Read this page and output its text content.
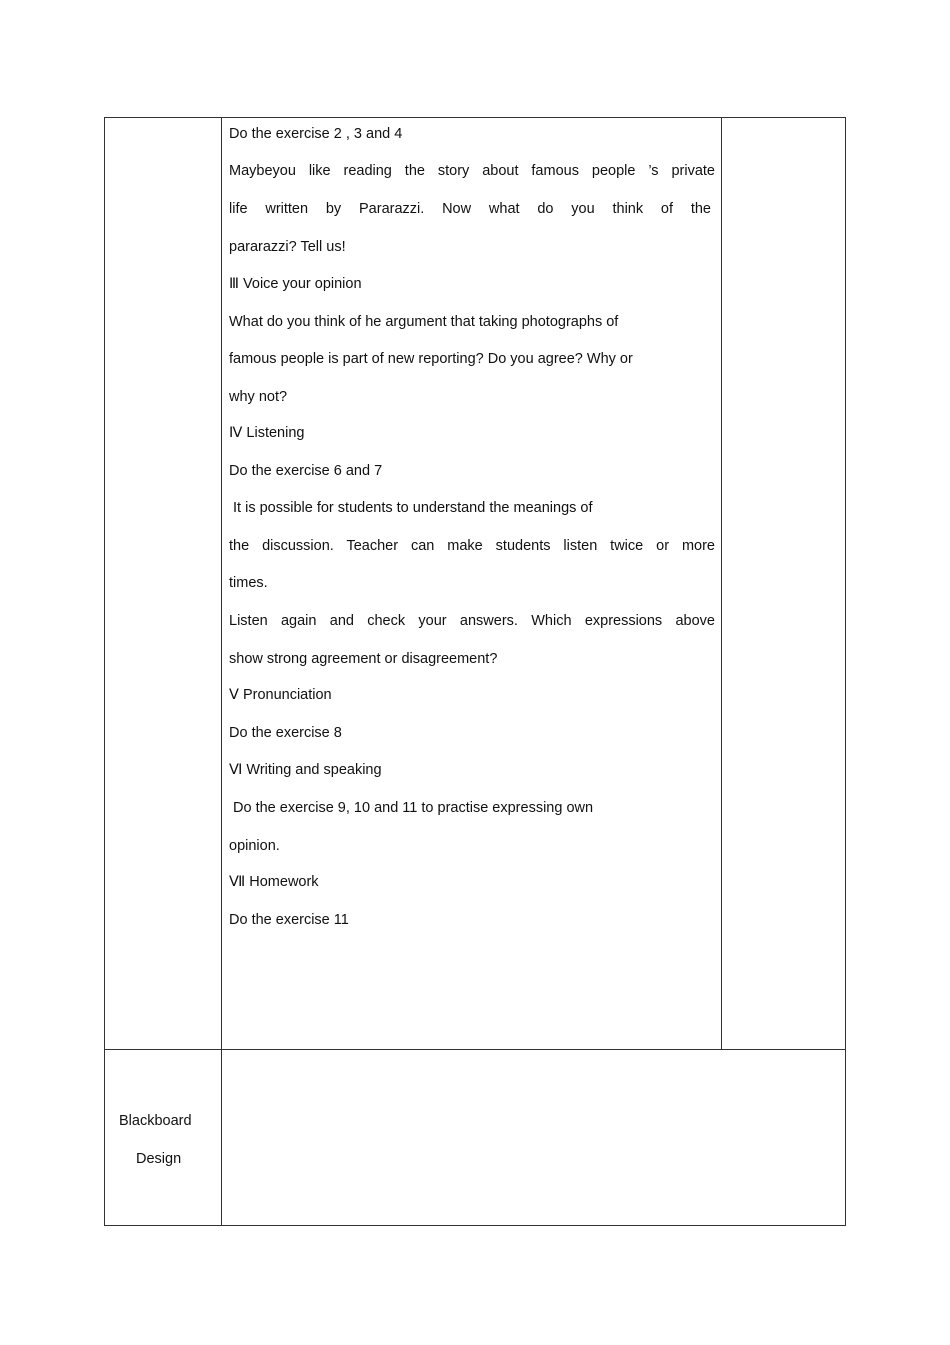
Do the exercise 2 , 3 and 4

Maybeyou like reading the story about famous people ’s private

life written by Pararazzi. Now what do you think of the

pararazzi? Tell us!

Ⅲ Voice your opinion

What do you think of he argument that taking photographs of

famous people is part of new reporting? Do you agree? Why or

why not?

Ⅳ Listening

Do the exercise 6 and 7

It is possible for students to understand the meanings of

the discussion. Teacher can make students listen twice or more

times.

Listen again and check your answers. Which expressions above

show strong agreement or disagreement?

Ⅴ Pronunciation

Do the exercise 8

Ⅵ Writing and speaking

Do the exercise 9, 10 and 11 to practise expressing own

opinion.

Ⅶ Homework

Do the exercise 11

Blackboard

Design
